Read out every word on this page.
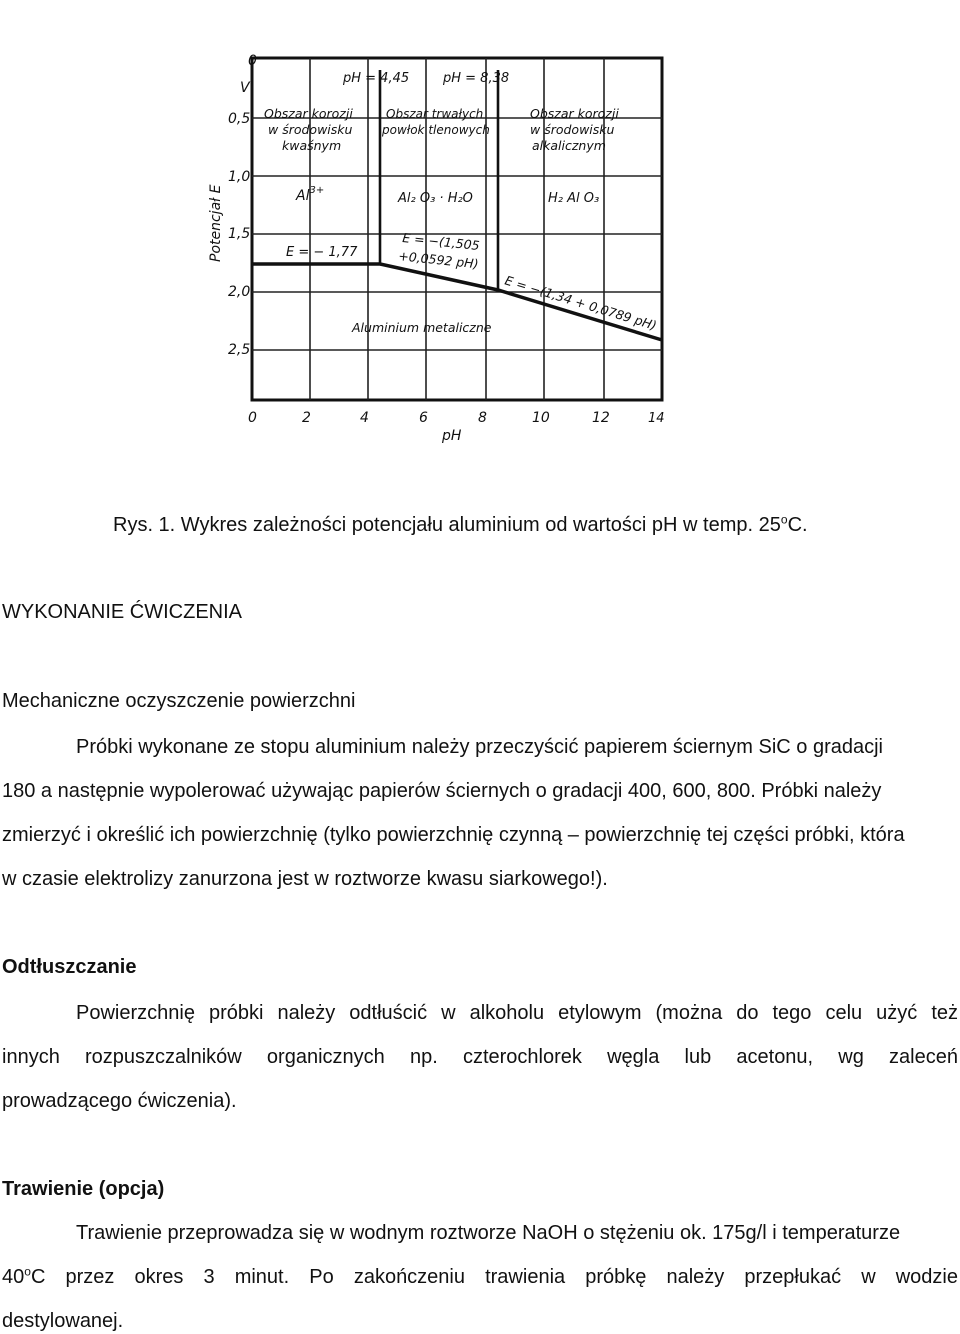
0
V
0,5
1,0
1,5
2,0
2,5
Potencjał E
0	2	4	6	8	10	12	14
pH
pH = 4,45	pH = 8,38
Obszar korozji
w środowisku
kwaśnym
Obszar trwałych
powłok tlenowych
Obszar korozji
w środowisku
alkalicznym
$Al^{3+}$
Al₂ O₃ · H₂O	H₂ Al O₃
E = − 1,77	E = −(1,505
+0,0592 pH)
E = −(1,34 + 0,0789 pH)
Aluminium metaliczne
Rys. 1. Wykres zależności potencjału aluminium od wartości pH w temp. 25$^o$C.
WYKONANIE ĆWICZENIA
Mechaniczne oczyszczenie powierzchni
Próbki wykonane ze stopu aluminium należy przeczyścić papierem ściernym SiC o gradacji
180 a następnie wypolerować używając papierów ściernych o gradacji 400, 600, 800. Próbki należy
zmierzyć i określić ich powierzchnię (tylko powierzchnię czynną – powierzchnię tej części próbki, która
w czasie elektrolizy zanurzona jest w roztworze kwasu siarkowego!).
Odtłuszczanie
Powierzchnię próbki należy odtłuścić w alkoholu etylowym (można do tego celu użyć też
innych rozpuszczalników organicznych np. czterochlorek węgla lub acetonu, wg zaleceń
prowadzącego ćwiczenia).
Trawienie (opcja)
Trawienie przeprowadza się w wodnym roztworze NaOH o stężeniu ok. 175g/l i temperaturze
40$^o$C przez okres 3 minut. Po zakończeniu trawienia próbkę należy przepłukać w wodzie
destylowanej.
